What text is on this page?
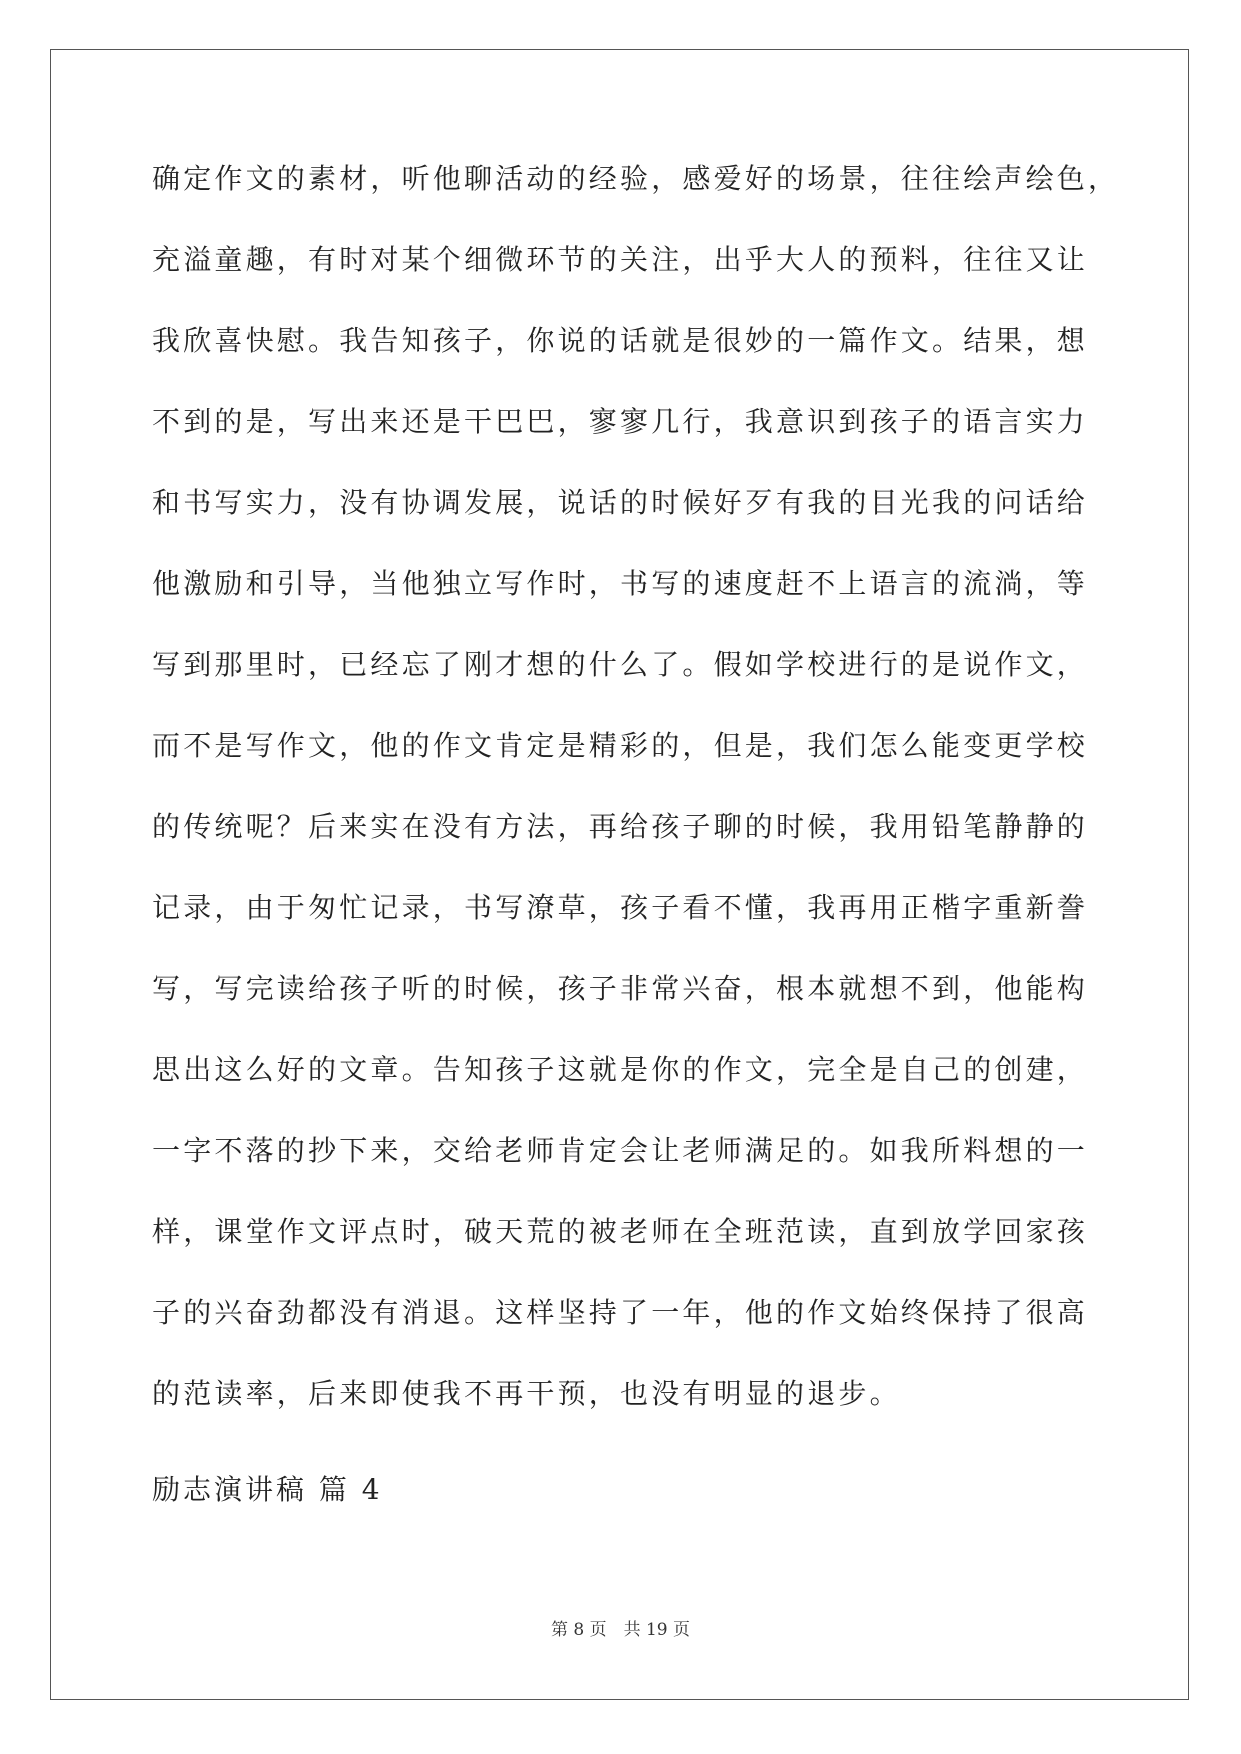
确定作文的素材，听他聊活动的经验，感爱好的场景，往往绘声绘色，
充溢童趣，有时对某个细微环节的关注，出乎大人的预料，往往又让
我欣喜快慰。我告知孩子，你说的话就是很妙的一篇作文。结果，想
不到的是，写出来还是干巴巴，寥寥几行，我意识到孩子的语言实力
和书写实力，没有协调发展，说话的时候好歹有我的目光我的问话给
他激励和引导，当他独立写作时，书写的速度赶不上语言的流淌，等
写到那里时，已经忘了刚才想的什么了。假如学校进行的是说作文，
而不是写作文，他的作文肯定是精彩的，但是，我们怎么能变更学校
的传统呢？后来实在没有方法，再给孩子聊的时候，我用铅笔静静的
记录，由于匆忙记录，书写潦草，孩子看不懂，我再用正楷字重新誊
写，写完读给孩子听的时候，孩子非常兴奋，根本就想不到，他能构
思出这么好的文章。告知孩子这就是你的作文，完全是自己的创建，
一字不落的抄下来，交给老师肯定会让老师满足的。如我所料想的一
样，课堂作文评点时，破天荒的被老师在全班范读，直到放学回家孩
子的兴奋劲都没有消退。这样坚持了一年，他的作文始终保持了很高
的范读率，后来即使我不再干预，也没有明显的退步。
励志演讲稿 篇 4
第 8 页　共 19 页
